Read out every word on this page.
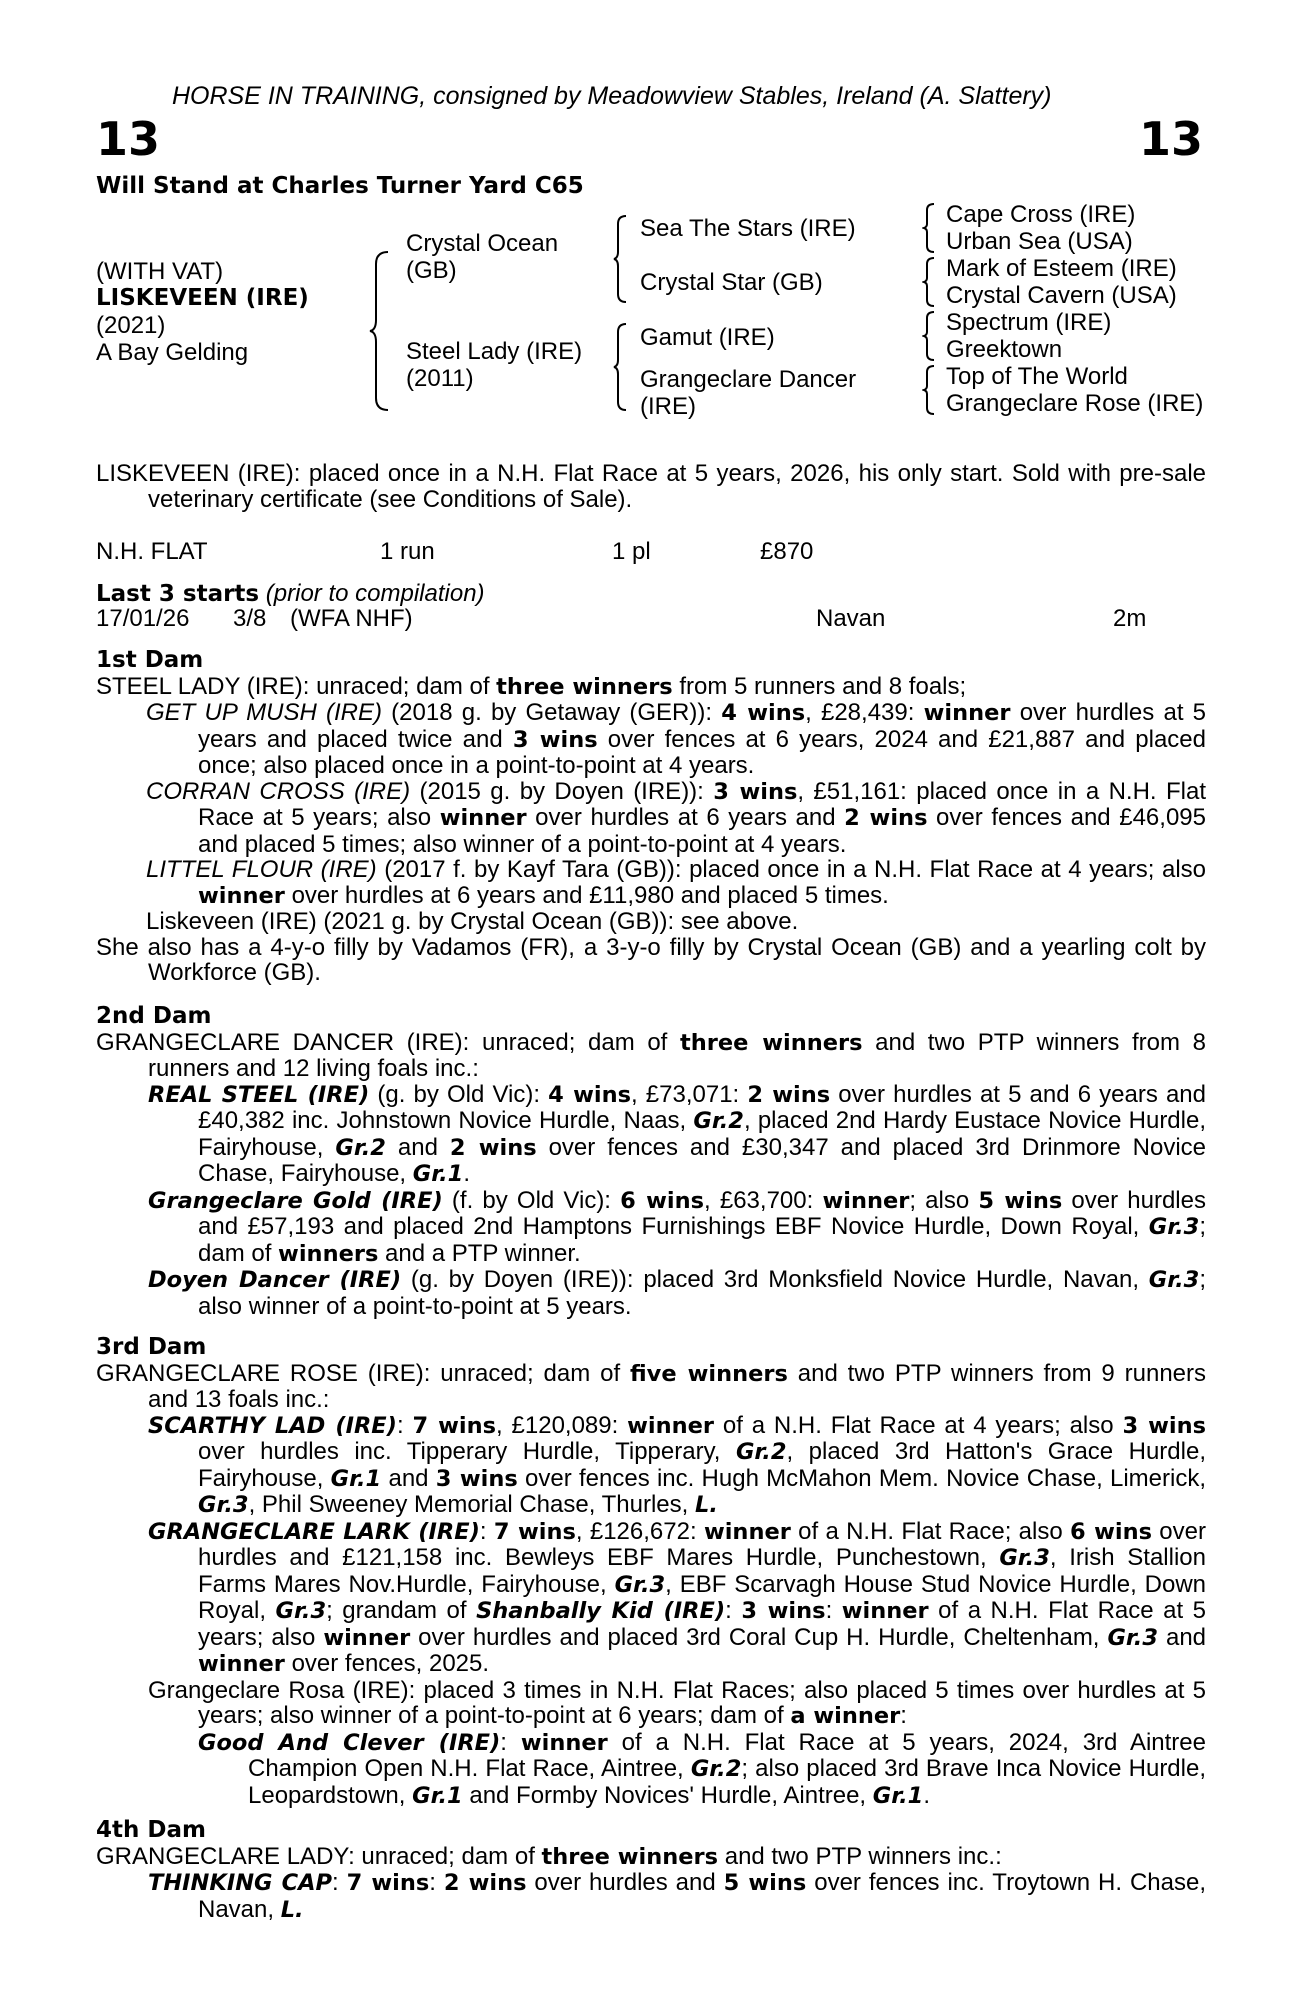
HORSE IN TRAINING, consigned by Meadowview Stables, Ireland (A. Slattery)
13	13
Will Stand at Charles Turner Yard C65
(WITH VAT)
LISKEVEEN (IRE)
(2021)
A Bay Gelding
Crystal Ocean (GB)
Steel Lady (IRE) (2011)
Sea The Stars (IRE)
Crystal Star (GB)
Gamut (IRE)
Grangeclare Dancer (IRE)
Cape Cross (IRE)
Urban Sea (USA)
Mark of Esteem (IRE)
Crystal Cavern (USA)
Spectrum (IRE)
Greektown
Top of The World
Grangeclare Rose (IRE)

LISKEVEEN (IRE): placed once in a N.H. Flat Race at 5 years, 2026, his only start. Sold with pre-sale veterinary certificate (see Conditions of Sale).

N.H. FLAT	1 run	1 pl	£870
Last 3 starts (prior to compilation)
17/01/26 3/8 (WFA NHF)	Navan	2m
1st Dam

STEEL LADY (IRE): unraced; dam of three winners from 5 runners and 8 foals;

GET UP MUSH (IRE) (2018 g. by Getaway (GER)): 4 wins, £28,439: winner over hurdles at 5 years and placed twice and 3 wins over fences at 6 years, 2024 and £21,887 and placed once; also placed once in a point-to-point at 4 years.

CORRAN CROSS (IRE) (2015 g. by Doyen (IRE)): 3 wins, £51,161: placed once in a N.H. Flat Race at 5 years; also winner over hurdles at 6 years and 2 wins over fences and £46,095 and placed 5 times; also winner of a point-to-point at 4 years.

LITTEL FLOUR (IRE) (2017 f. by Kayf Tara (GB)): placed once in a N.H. Flat Race at 4 years; also winner over hurdles at 6 years and £11,980 and placed 5 times.

Liskeveen (IRE) (2021 g. by Crystal Ocean (GB)): see above.

She also has a 4-y-o filly by Vadamos (FR), a 3-y-o filly by Crystal Ocean (GB) and a yearling colt by Workforce (GB).

2nd Dam

GRANGECLARE DANCER (IRE): unraced; dam of three winners and two PTP winners from 8 runners and 12 living foals inc.:

REAL STEEL (IRE) (g. by Old Vic): 4 wins, £73,071: 2 wins over hurdles at 5 and 6 years and £40,382 inc. Johnstown Novice Hurdle, Naas, Gr.2, placed 2nd Hardy Eustace Novice Hurdle, Fairyhouse, Gr.2 and 2 wins over fences and £30,347 and placed 3rd Drinmore Novice Chase, Fairyhouse, Gr.1.

Grangeclare Gold (IRE) (f. by Old Vic): 6 wins, £63,700: winner; also 5 wins over hurdles and £57,193 and placed 2nd Hamptons Furnishings EBF Novice Hurdle, Down Royal, Gr.3; dam of winners and a PTP winner.

Doyen Dancer (IRE) (g. by Doyen (IRE)): placed 3rd Monksfield Novice Hurdle, Navan, Gr.3; also winner of a point-to-point at 5 years.

3rd Dam

GRANGECLARE ROSE (IRE): unraced; dam of five winners and two PTP winners from 9 runners and 13 foals inc.:

SCARTHY LAD (IRE): 7 wins, £120,089: winner of a N.H. Flat Race at 4 years; also 3 wins over hurdles inc. Tipperary Hurdle, Tipperary, Gr.2, placed 3rd Hatton's Grace Hurdle, Fairyhouse, Gr.1 and 3 wins over fences inc. Hugh McMahon Mem. Novice Chase, Limerick, Gr.3, Phil Sweeney Memorial Chase, Thurles, L.

GRANGECLARE LARK (IRE): 7 wins, £126,672: winner of a N.H. Flat Race; also 6 wins over hurdles and £121,158 inc. Bewleys EBF Mares Hurdle, Punchestown, Gr.3, Irish Stallion Farms Mares Nov.Hurdle, Fairyhouse, Gr.3, EBF Scarvagh House Stud Novice Hurdle, Down Royal, Gr.3; grandam of Shanbally Kid (IRE): 3 wins: winner of a N.H. Flat Race at 5 years; also winner over hurdles and placed 3rd Coral Cup H. Hurdle, Cheltenham, Gr.3 and winner over fences, 2025.

Grangeclare Rosa (IRE): placed 3 times in N.H. Flat Races; also placed 5 times over hurdles at 5 years; also winner of a point-to-point at 6 years; dam of a winner:

Good And Clever (IRE): winner of a N.H. Flat Race at 5 years, 2024, 3rd Aintree Champion Open N.H. Flat Race, Aintree, Gr.2; also placed 3rd Brave Inca Novice Hurdle, Leopardstown, Gr.1 and Formby Novices' Hurdle, Aintree, Gr.1.

4th Dam

GRANGECLARE LADY: unraced; dam of three winners and two PTP winners inc.:

THINKING CAP: 7 wins: 2 wins over hurdles and 5 wins over fences inc. Troytown H. Chase, Navan, L.
